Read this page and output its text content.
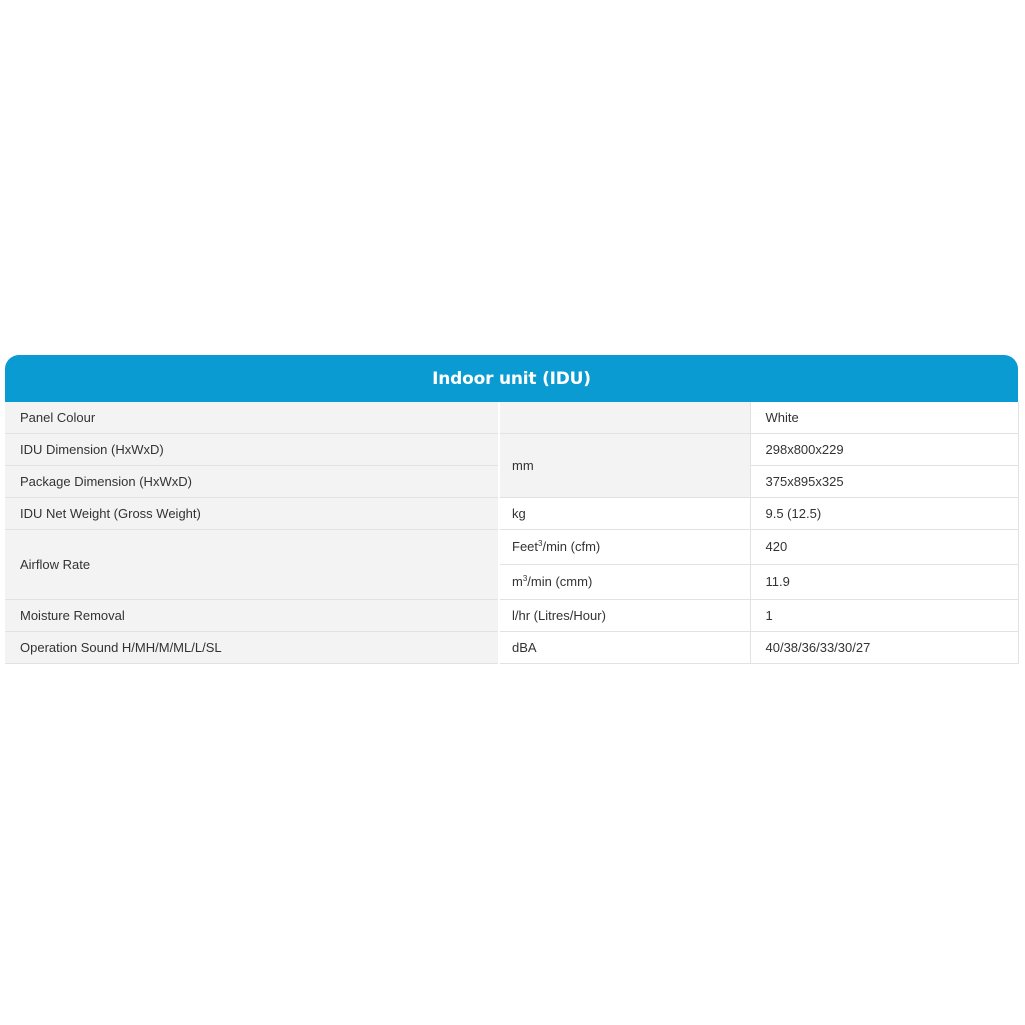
Indoor unit (IDU)
Panel Colour		White
IDU Dimension (HxWxD)	mm	298x800x229
Package Dimension (HxWxD)		375x895x325
IDU Net Weight (Gross Weight)	kg	9.5 (12.5)
Airflow Rate	Feet$^3$/min (cfm)	420
	$m^3/\min$ (cmm)	11.9
Moisture Removal	l/hr (Litres/Hour)	1
Operation Sound H/MH/M/ML/L/SL	dBA	40/38/36/33/30/27
